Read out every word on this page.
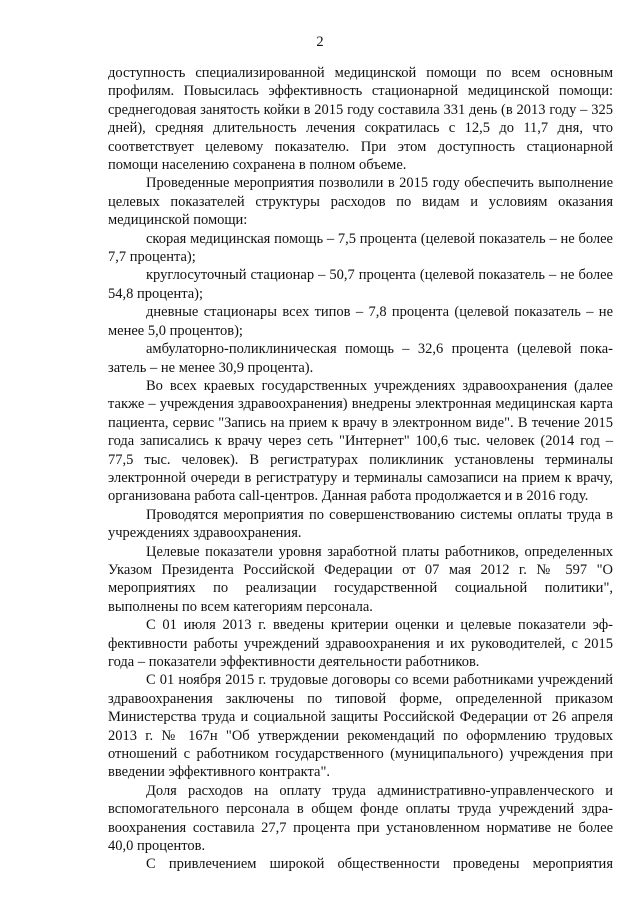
2

доступность специализированной медицинской помощи по всем основным профилям. Повысилась эффективность стационарной медицинской помощи: среднегодовая занятость койки в 2015 году составила 331 день (в 2013 году – 325 дней), средняя длительность лечения сократилась с 12,5 до 11,7 дня, что соответствует целевому показателю. При этом доступность стационарной помощи населению сохранена в полном объеме.

Проведенные мероприятия позволили в 2015 году обеспечить выполнение целевых показателей структуры расходов по видам и условиям оказания медицинской помощи:

скорая медицинская помощь – 7,5 процента (целевой показатель – не более 7,7 процента);

круглосуточный стационар – 50,7 процента (целевой показатель – не более 54,8 процента);

дневные стационары всех типов – 7,8 процента (целевой показатель – не менее 5,0 процентов);

амбулаторно-поликлиническая помощь – 32,6 процента (целевой показатель – не менее 30,9 процента).

Во всех краевых государственных учреждениях здравоохранения (далее также – учреждения здравоохранения) внедрены электронная медицинская карта пациента, сервис "Запись на прием к врачу в электронном виде". В течение 2015 года записались к врачу через сеть "Интернет" 100,6 тыс. человек (2014 год – 77,5 тыс. человек). В регистратурах поликлиник установлены терминалы электронной очереди в регистратуру и терминалы самозаписи на прием к врачу, организована работа call-центров. Данная работа продолжается и в 2016 году.

Проводятся мероприятия по совершенствованию системы оплаты труда в учреждениях здравоохранения.

Целевые показатели уровня заработной платы работников, определенных Указом Президента Российской Федерации от 07 мая 2012 г. № 597 "О мероприятиях по реализации государственной социальной политики", выполнены по всем категориям персонала.

С 01 июля 2013 г. введены критерии оценки и целевые показатели эффективности работы учреждений здравоохранения и их руководителей, с 2015 года – показатели эффективности деятельности работников.

С 01 ноября 2015 г. трудовые договоры со всеми работниками учреждений здравоохранения заключены по типовой форме, определенной приказом Министерства труда и социальной защиты Российской Федерации от 26 апреля 2013 г. № 167н "Об утверждении рекомендаций по оформлению трудовых отношений с работником государственного (муниципального) учреждения при введении эффективного контракта".

Доля расходов на оплату труда административно-управленческого и вспомогательного персонала в общем фонде оплаты труда учреждений здравоохранения составила 27,7 процента при установленном нормативе не более 40,0 процентов.

С привлечением широкой общественности проведены мероприятия
